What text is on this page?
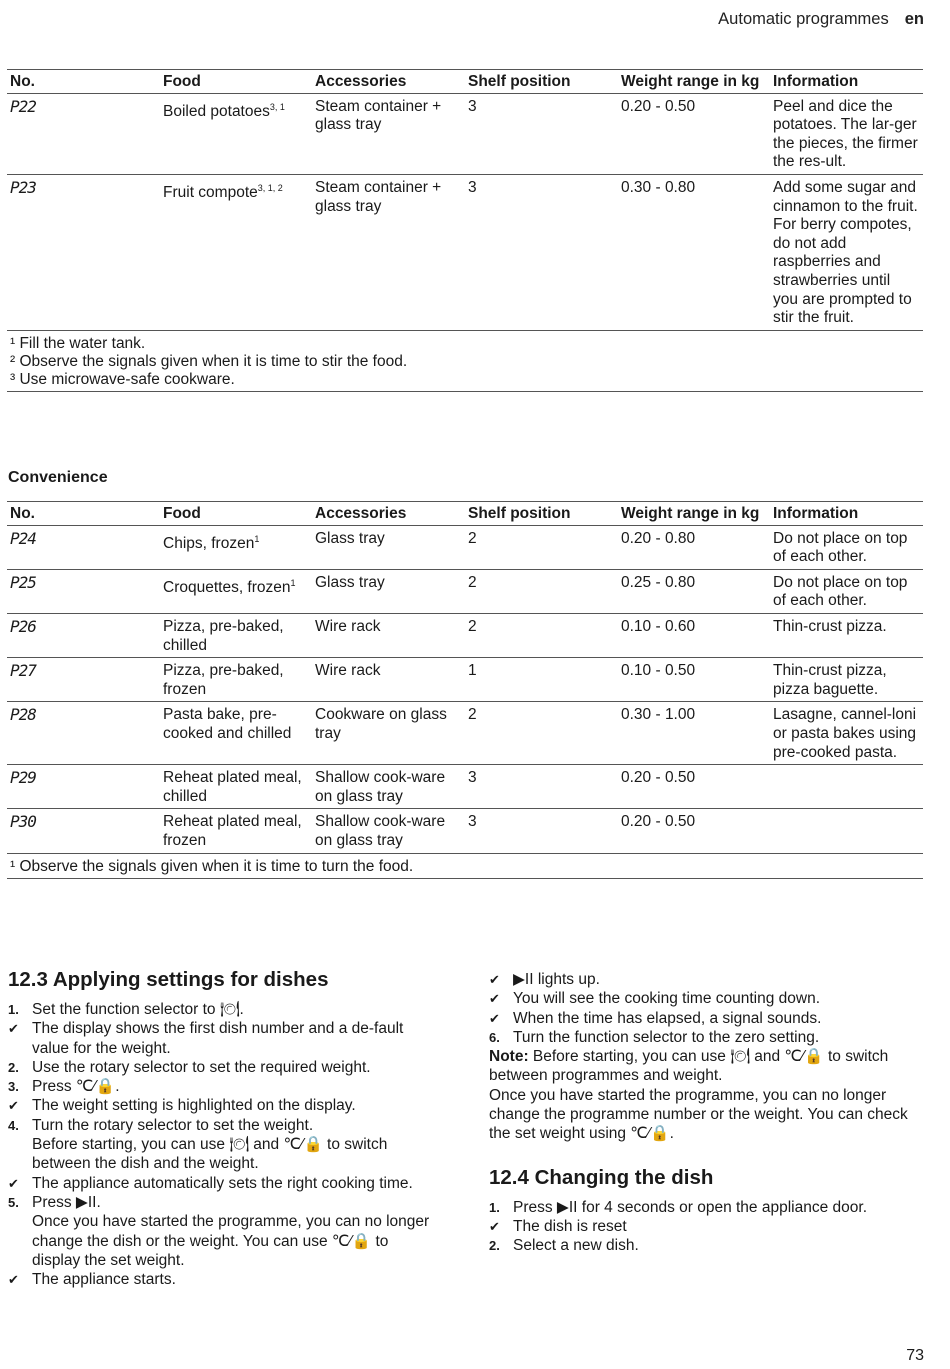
Automatic programmes en
No.	Food	Accessories	Shelf position	Weight range in kg	Information
P22	Boiled potatoes$^{3, 1}$	Steam container + glass tray	3	0.20 - 0.50	Peel and dice the potatoes. The lar-ger the pieces, the firmer the res-ult.
P23	Fruit compote$^{3, 1, 2}$	Steam container + glass tray	3	0.30 - 0.80	Add some sugar and cinnamon to the fruit. For berry compotes, do not add raspberries and strawberries until you are prompted to stir the fruit.

¹ Fill the water tank.
² Observe the signals given when it is time to stir the food.
³ Use microwave-safe cookware.					
Convenience
No.	Food	Accessories	Shelf position	Weight range in kg	Information
P24	Chips, frozen$^1$	Glass tray	2	0.20 - 0.80	Do not place on top of each other.
P25	Croquettes, frozen$^1$	Glass tray	2	0.25 - 0.80	Do not place on top of each other.
P26	Pizza, pre-baked, chilled	Wire rack	2	0.10 - 0.60	Thin-crust pizza.
P27	Pizza, pre-baked, frozen	Wire rack	1	0.10 - 0.50	Thin-crust pizza, pizza baguette.
P28	Pasta bake, pre-cooked and chilled	Cookware on glass tray	2	0.30 - 1.00	Lasagne, cannel-loni or pasta bakes using pre-cooked pasta.
P29	Reheat plated meal, chilled	Shallow cook-ware on glass tray	3	0.20 - 0.50	
P30	Reheat plated meal, frozen	Shallow cook-ware on glass tray	3	0.20 - 0.50	

¹ Observe the signals given when it is time to turn the food.					
12.3 Applying settings for dishes
1. Set the function selector to 🍽.
✔ The display shows the first dish number and a de-fault value for the weight.
2. Use the rotary selector to set the required weight.
3. Press ℃⁄🔒.
✔ The weight setting is highlighted on the display.
4. Turn the rotary selector to set the weight.
Before starting, you can use 🍽 and ℃⁄🔒 to switch between the dish and the weight.
✔ The appliance automatically sets the right cooking time.
5. Press ▶II.
Once you have started the programme, you can no longer change the dish or the weight. You can use ℃⁄🔒 to display the set weight.
✔ The appliance starts.
✔ ▶II lights up.
✔ You will see the cooking time counting down.
✔ When the time has elapsed, a signal sounds.
6. Turn the function selector to the zero setting.
Note: Before starting, you can use 🍽 and ℃⁄🔒 to switch between programmes and weight.
Once you have started the programme, you can no longer change the programme number or the weight. You can check the set weight using ℃⁄🔒.
12.4 Changing the dish
1. Press ▶II for 4 seconds or open the appliance door.
✔ The dish is reset
2. Select a new dish.
73
